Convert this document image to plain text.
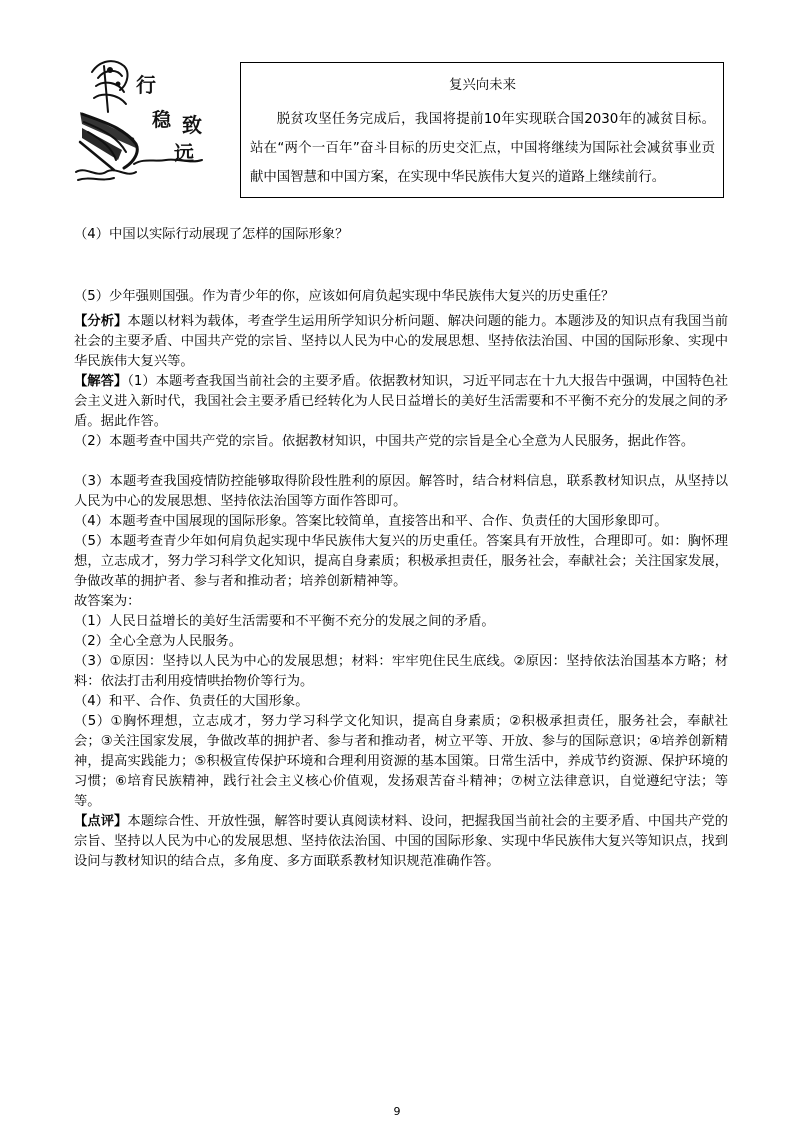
行
稳 致
远
复兴向未来
脱贫攻坚任务完成后，我国将提前10年实现联合国2030年的减贫目标。站在“两个一百年”奋斗目标的历史交汇点，中国将继续为国际社会减贫事业贡献中国智慧和中国方案，在实现中华民族伟大复兴的道路上继续前行。

（4）中国以实际行动展现了怎样的国际形象？

（5）少年强则国强。作为青少年的你，应该如何肩负起实现中华民族伟大复兴的历史重任？

【分析】本题以材料为载体，考查学生运用所学知识分析问题、解决问题的能力。本题涉及的知识点有我国当前社会的主要矛盾、中国共产党的宗旨、坚持以人民为中心的发展思想、坚持依法治国、中国的国际形象、实现中华民族伟大复兴等。

【解答】（1）本题考查我国当前社会的主要矛盾。依据教材知识，习近平同志在十九大报告中强调，中国特色社会主义进入新时代，我国社会主要矛盾已经转化为人民日益增长的美好生活需要和不平衡不充分的发展之间的矛盾。据此作答。

（2）本题考查中国共产党的宗旨。依据教材知识，中国共产党的宗旨是全心全意为人民服务，据此作答。

（3）本题考查我国疫情防控能够取得阶段性胜利的原因。解答时，结合材料信息，联系教材知识点，从坚持以人民为中心的发展思想、坚持依法治国等方面作答即可。

（4）本题考查中国展现的国际形象。答案比较简单，直接答出和平、合作、负责任的大国形象即可。

（5）本题考查青少年如何肩负起实现中华民族伟大复兴的历史重任。答案具有开放性，合理即可。如：胸怀理想，立志成才，努力学习科学文化知识，提高自身素质；积极承担责任，服务社会，奉献社会；关注国家发展，争做改革的拥护者、参与者和推动者；培养创新精神等。

故答案为：

（1）人民日益增长的美好生活需要和不平衡不充分的发展之间的矛盾。

（2）全心全意为人民服务。

（3）①原因：坚持以人民为中心的发展思想；材料：牢牢兜住民生底线。②原因：坚持依法治国基本方略；材料：依法打击利用疫情哄抬物价等行为。

（4）和平、合作、负责任的大国形象。

（5）①胸怀理想，立志成才，努力学习科学文化知识，提高自身素质；②积极承担责任，服务社会，奉献社会；③关注国家发展，争做改革的拥护者、参与者和推动者，树立平等、开放、参与的国际意识；④培养创新精神，提高实践能力；⑤积极宣传保护环境和合理利用资源的基本国策。日常生活中，养成节约资源、保护环境的习惯；⑥培育民族精神，践行社会主义核心价值观，发扬艰苦奋斗精神；⑦树立法律意识，自觉遵纪守法；等等。

【点评】本题综合性、开放性强，解答时要认真阅读材料、设问，把握我国当前社会的主要矛盾、中国共产党的宗旨、坚持以人民为中心的发展思想、坚持依法治国、中国的国际形象、实现中华民族伟大复兴等知识点，找到设问与教材知识的结合点，多角度、多方面联系教材知识规范准确作答。

9
